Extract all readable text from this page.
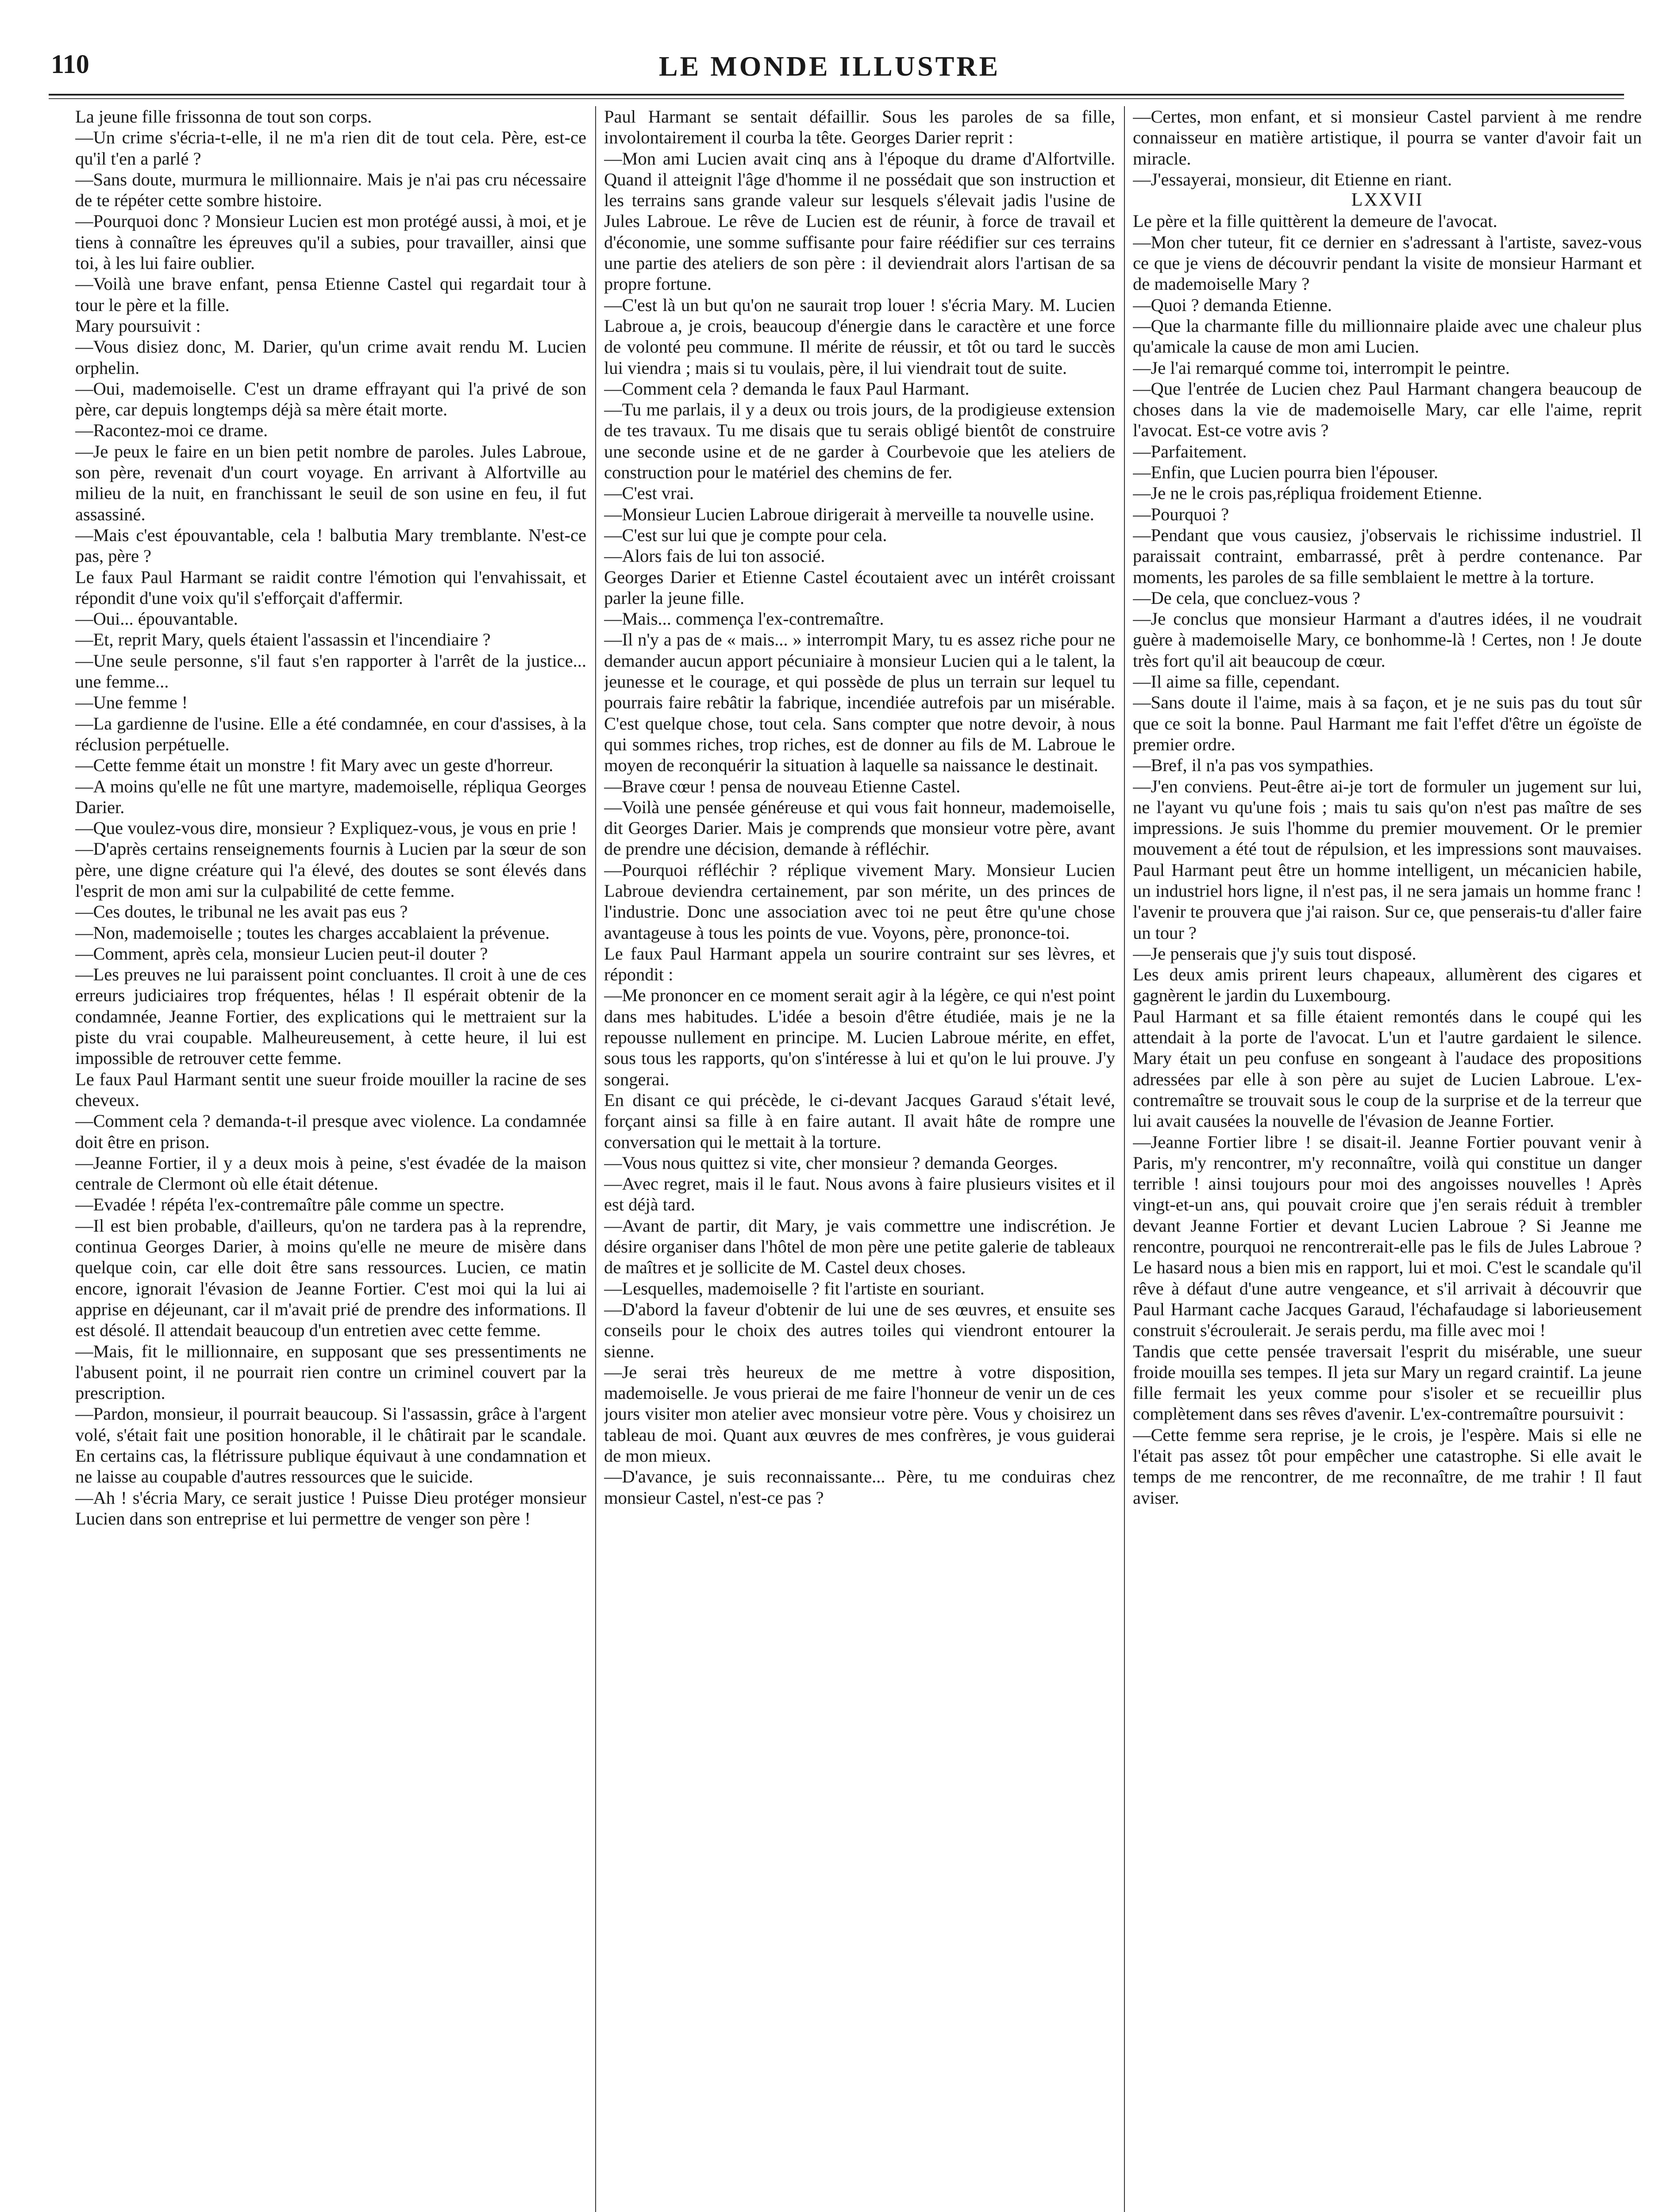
110	LE MONDE ILLUSTRE

La jeune fille frissonna de tout son corps.

—Un crime s'écria-t-elle, il ne m'a rien dit de tout cela. Père, est-ce qu'il t'en a parlé ?

—Sans doute, murmura le millionnaire. Mais je n'ai pas cru nécessaire de te répéter cette sombre histoire.

—Pourquoi donc ? Monsieur Lucien est mon protégé aussi, à moi, et je tiens à connaître les épreuves qu'il a subies, pour travailler, ainsi que toi, à les lui faire oublier.

—Voilà une brave enfant, pensa Etienne Castel qui regardait tour à tour le père et la fille.

Mary poursuivit :

—Vous disiez donc, M. Darier, qu'un crime avait rendu M. Lucien orphelin.

—Oui, mademoiselle. C'est un drame effrayant qui l'a privé de son père, car depuis longtemps déjà sa mère était morte.

—Racontez-moi ce drame.

—Je peux le faire en un bien petit nombre de paroles. Jules Labroue, son père, revenait d'un court voyage. En arrivant à Alfortville au milieu de la nuit, en franchissant le seuil de son usine en feu, il fut assassiné.

—Mais c'est épouvantable, cela ! balbutia Mary tremblante. N'est-ce pas, père ?

Le faux Paul Harmant se raidit contre l'émotion qui l'envahissait, et répondit d'une voix qu'il s'efforçait d'affermir.

—Oui... épouvantable.

—Et, reprit Mary, quels étaient l'assassin et l'incendiaire ?

—Une seule personne, s'il faut s'en rapporter à l'arrêt de la justice... une femme...

—Une femme !

—La gardienne de l'usine. Elle a été condamnée, en cour d'assises, à la réclusion perpétuelle.

—Cette femme était un monstre ! fit Mary avec un geste d'horreur.

—A moins qu'elle ne fût une martyre, mademoiselle, répliqua Georges Darier.

—Que voulez-vous dire, monsieur ? Expliquez-vous, je vous en prie !

—D'après certains renseignements fournis à Lucien par la sœur de son père, une digne créature qui l'a élevé, des doutes se sont élevés dans l'esprit de mon ami sur la culpabilité de cette femme.

—Ces doutes, le tribunal ne les avait pas eus ?

—Non, mademoiselle ; toutes les charges accablaient la prévenue.

—Comment, après cela, monsieur Lucien peut-il douter ?

—Les preuves ne lui paraissent point concluantes. Il croit à une de ces erreurs judiciaires trop fréquentes, hélas ! Il espérait obtenir de la condamnée, Jeanne Fortier, des explications qui le mettraient sur la piste du vrai coupable. Malheureusement, à cette heure, il lui est impossible de retrouver cette femme.

Le faux Paul Harmant sentit une sueur froide mouiller la racine de ses cheveux.

—Comment cela ? demanda-t-il presque avec violence. La condamnée doit être en prison.

—Jeanne Fortier, il y a deux mois à peine, s'est évadée de la maison centrale de Clermont où elle était détenue.

—Evadée ! répéta l'ex-contremaître pâle comme un spectre.

—Il est bien probable, d'ailleurs, qu'on ne tardera pas à la reprendre, continua Georges Darier, à moins qu'elle ne meure de misère dans quelque coin, car elle doit être sans ressources. Lucien, ce matin encore, ignorait l'évasion de Jeanne Fortier. C'est moi qui la lui ai apprise en déjeunant, car il m'avait prié de prendre des informations. Il est désolé. Il attendait beaucoup d'un entretien avec cette femme.

—Mais, fit le millionnaire, en supposant que ses pressentiments ne l'abusent point, il ne pourrait rien contre un criminel couvert par la prescription.

—Pardon, monsieur, il pourrait beaucoup. Si l'assassin, grâce à l'argent volé, s'était fait une position honorable, il le châtirait par le scandale. En certains cas, la flétrissure publique équivaut à une condamnation et ne laisse au coupable d'autres ressources que le suicide.

—Ah ! s'écria Mary, ce serait justice ! Puisse Dieu protéger monsieur Lucien dans son entreprise et lui permettre de venger son père !

Paul Harmant se sentait défaillir. Sous les paroles de sa fille, involontairement il courba la tête. Georges Darier reprit :

—Mon ami Lucien avait cinq ans à l'époque du drame d'Alfortville. Quand il atteignit l'âge d'homme il ne possédait que son instruction et les terrains sans grande valeur sur lesquels s'élevait jadis l'usine de Jules Labroue. Le rêve de Lucien est de réunir, à force de travail et d'économie, une somme suffisante pour faire réédifier sur ces terrains une partie des ateliers de son père : il deviendrait alors l'artisan de sa propre fortune.

—C'est là un but qu'on ne saurait trop louer ! s'écria Mary. M. Lucien Labroue a, je crois, beaucoup d'énergie dans le caractère et une force de volonté peu commune. Il mérite de réussir, et tôt ou tard le succès lui viendra ; mais si tu voulais, père, il lui viendrait tout de suite.

—Comment cela ? demanda le faux Paul Harmant.

—Tu me parlais, il y a deux ou trois jours, de la prodigieuse extension de tes travaux. Tu me disais que tu serais obligé bientôt de construire une seconde usine et de ne garder à Courbevoie que les ateliers de construction pour le matériel des chemins de fer.

—C'est vrai.

—Monsieur Lucien Labroue dirigerait à merveille ta nouvelle usine.

—C'est sur lui que je compte pour cela.

—Alors fais de lui ton associé.

Georges Darier et Etienne Castel écoutaient avec un intérêt croissant parler la jeune fille.

—Mais... commença l'ex-contremaître.

—Il n'y a pas de « mais... » interrompit Mary, tu es assez riche pour ne demander aucun apport pécuniaire à monsieur Lucien qui a le talent, la jeunesse et le courage, et qui possède de plus un terrain sur lequel tu pourrais faire rebâtir la fabrique, incendiée autrefois par un misérable. C'est quelque chose, tout cela. Sans compter que notre devoir, à nous qui sommes riches, trop riches, est de donner au fils de M. Labroue le moyen de reconquérir la situation à laquelle sa naissance le destinait.

—Brave cœur ! pensa de nouveau Etienne Castel.

—Voilà une pensée généreuse et qui vous fait honneur, mademoiselle, dit Georges Darier. Mais je comprends que monsieur votre père, avant de prendre une décision, demande à réfléchir.

—Pourquoi réfléchir ? réplique vivement Mary. Monsieur Lucien Labroue deviendra certainement, par son mérite, un des princes de l'industrie. Donc une association avec toi ne peut être qu'une chose avantageuse à tous les points de vue. Voyons, père, prononce-toi.

Le faux Paul Harmant appela un sourire contraint sur ses lèvres, et répondit :

—Me prononcer en ce moment serait agir à la légère, ce qui n'est point dans mes habitudes. L'idée a besoin d'être étudiée, mais je ne la repousse nullement en principe. M. Lucien Labroue mérite, en effet, sous tous les rapports, qu'on s'intéresse à lui et qu'on le lui prouve. J'y songerai.

En disant ce qui précède, le ci-devant Jacques Garaud s'était levé, forçant ainsi sa fille à en faire autant. Il avait hâte de rompre une conversation qui le mettait à la torture.

—Vous nous quittez si vite, cher monsieur ? demanda Georges.

—Avec regret, mais il le faut. Nous avons à faire plusieurs visites et il est déjà tard.

—Avant de partir, dit Mary, je vais commettre une indiscrétion. Je désire organiser dans l'hôtel de mon père une petite galerie de tableaux de maîtres et je sollicite de M. Castel deux choses.

—Lesquelles, mademoiselle ? fit l'artiste en souriant.

—D'abord la faveur d'obtenir de lui une de ses œuvres, et ensuite ses conseils pour le choix des autres toiles qui viendront entourer la sienne.

—Je serai très heureux de me mettre à votre disposition, mademoiselle. Je vous prierai de me faire l'honneur de venir un de ces jours visiter mon atelier avec monsieur votre père. Vous y choisirez un tableau de moi. Quant aux œuvres de mes confrères, je vous guiderai de mon mieux.

—D'avance, je suis reconnaissante... Père, tu me conduiras chez monsieur Castel, n'est-ce pas ?

—Certes, mon enfant, et si monsieur Castel parvient à me rendre connaisseur en matière artistique, il pourra se vanter d'avoir fait un miracle.

—J'essayerai, monsieur, dit Etienne en riant.

LXXVII

Le père et la fille quittèrent la demeure de l'avocat.

—Mon cher tuteur, fit ce dernier en s'adressant à l'artiste, savez-vous ce que je viens de découvrir pendant la visite de monsieur Harmant et de mademoiselle Mary ?

—Quoi ? demanda Etienne.

—Que la charmante fille du millionnaire plaide avec une chaleur plus qu'amicale la cause de mon ami Lucien.

—Je l'ai remarqué comme toi, interrompit le peintre.

—Que l'entrée de Lucien chez Paul Harmant changera beaucoup de choses dans la vie de mademoiselle Mary, car elle l'aime, reprit l'avocat. Est-ce votre avis ?

—Parfaitement.

—Enfin, que Lucien pourra bien l'épouser.

—Je ne le crois pas,répliqua froidement Etienne.

—Pourquoi ?

—Pendant que vous causiez, j'observais le richissime industriel. Il paraissait contraint, embarrassé, prêt à perdre contenance. Par moments, les paroles de sa fille semblaient le mettre à la torture.

—De cela, que concluez-vous ?

—Je conclus que monsieur Harmant a d'autres idées, il ne voudrait guère à mademoiselle Mary, ce bonhomme-là ! Certes, non ! Je doute très fort qu'il ait beaucoup de cœur.

—Il aime sa fille, cependant.

—Sans doute il l'aime, mais à sa façon, et je ne suis pas du tout sûr que ce soit la bonne. Paul Harmant me fait l'effet d'être un égoïste de premier ordre.

—Bref, il n'a pas vos sympathies.

—J'en conviens. Peut-être ai-je tort de formuler un jugement sur lui, ne l'ayant vu qu'une fois ; mais tu sais qu'on n'est pas maître de ses impressions. Je suis l'homme du premier mouvement. Or le premier mouvement a été tout de répulsion, et les impressions sont mauvaises. Paul Harmant peut être un homme intelligent, un mécanicien habile, un industriel hors ligne, il n'est pas, il ne sera jamais un homme franc ! l'avenir te prouvera que j'ai raison. Sur ce, que penserais-tu d'aller faire un tour ?

—Je penserais que j'y suis tout disposé.

Les deux amis prirent leurs chapeaux, allumèrent des cigares et gagnèrent le jardin du Luxembourg.

Paul Harmant et sa fille étaient remontés dans le coupé qui les attendait à la porte de l'avocat. L'un et l'autre gardaient le silence. Mary était un peu confuse en songeant à l'audace des propositions adressées par elle à son père au sujet de Lucien Labroue. L'ex-contremaître se trouvait sous le coup de la surprise et de la terreur que lui avait causées la nouvelle de l'évasion de Jeanne Fortier.

—Jeanne Fortier libre ! se disait-il. Jeanne Fortier pouvant venir à Paris, m'y rencontrer, m'y reconnaître, voilà qui constitue un danger terrible ! ainsi toujours pour moi des angoisses nouvelles ! Après vingt-et-un ans, qui pouvait croire que j'en serais réduit à trembler devant Jeanne Fortier et devant Lucien Labroue ? Si Jeanne me rencontre, pourquoi ne rencontrerait-elle pas le fils de Jules Labroue ? Le hasard nous a bien mis en rapport, lui et moi. C'est le scandale qu'il rêve à défaut d'une autre vengeance, et s'il arrivait à découvrir que Paul Harmant cache Jacques Garaud, l'échafaudage si laborieusement construit s'écroulerait. Je serais perdu, ma fille avec moi !

Tandis que cette pensée traversait l'esprit du misérable, une sueur froide mouilla ses tempes. Il jeta sur Mary un regard craintif. La jeune fille fermait les yeux comme pour s'isoler et se recueillir plus complètement dans ses rêves d'avenir. L'ex-contremaître poursuivit :

—Cette femme sera reprise, je le crois, je l'espère. Mais si elle ne l'était pas assez tôt pour empêcher une catastrophe. Si elle avait le temps de me rencontrer, de me reconnaître, de me trahir ! Il faut aviser.
